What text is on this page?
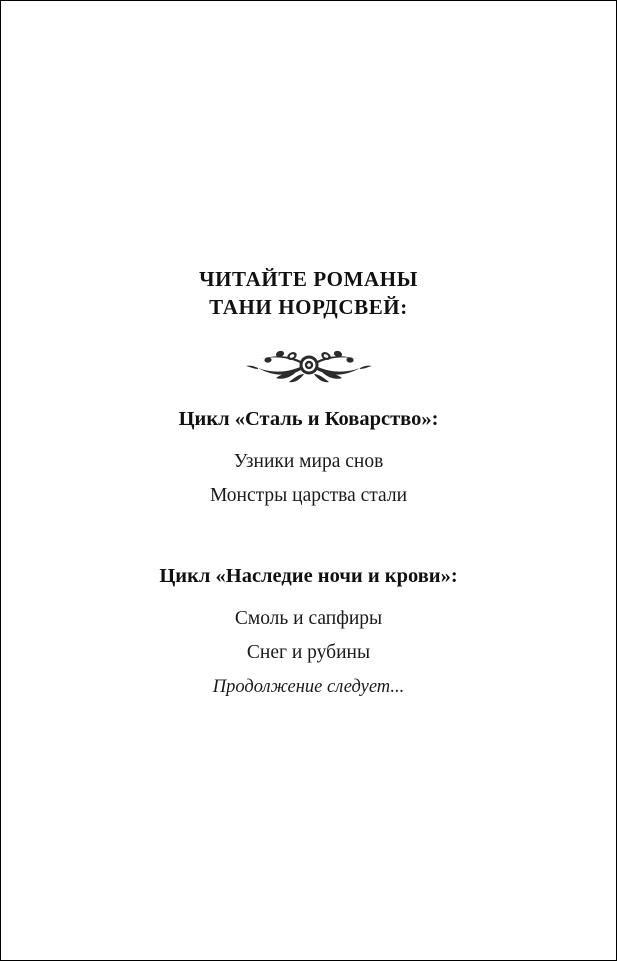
ЧИТАЙТЕ РОМАНЫ
ТАНИ НОРДСВЕЙ:
Цикл «Сталь и Коварство»:
Узники мира снов
Монстры царства стали
Цикл «Наследие ночи и крови»:
Смоль и сапфиры
Снег и рубины
Продолжение следует...
